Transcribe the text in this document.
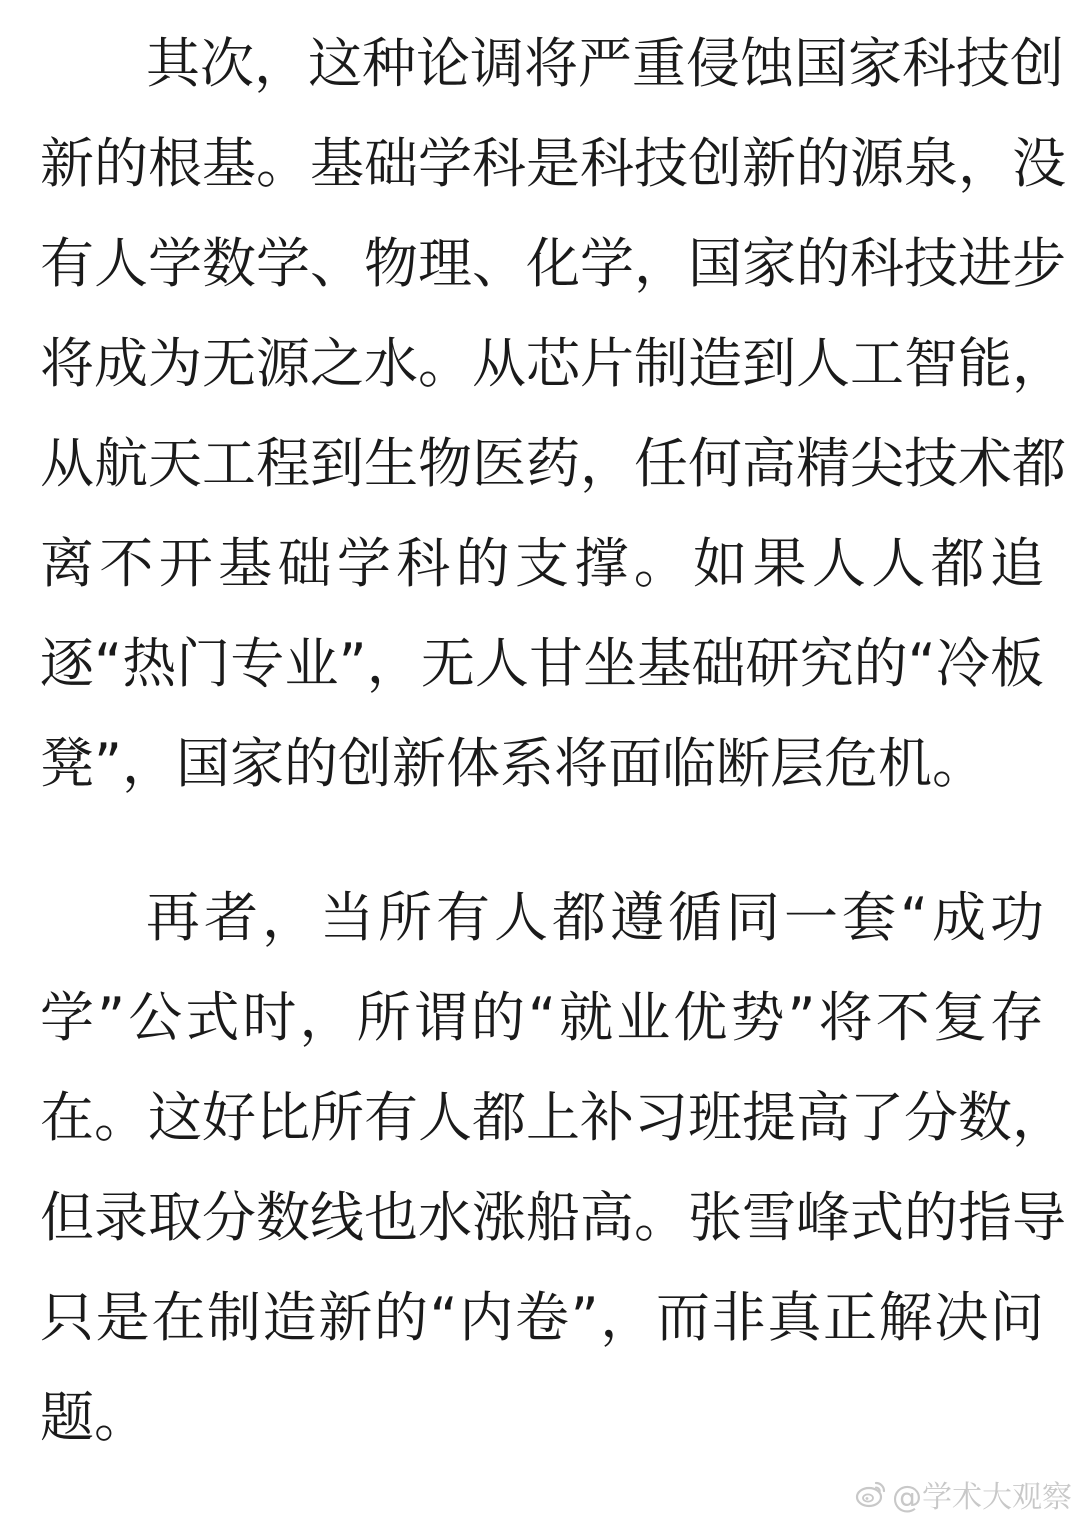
其次，这种论调将严重侵蚀国家科技创
新的根基。基础学科是科技创新的源泉，没
有人学数学、物理、化学，国家的科技进步
将成为无源之水。从芯片制造到人工智能，
从航天工程到生物医药，任何高精尖技术都
离不开基础学科的支撑。如果人人都追
逐“热门专业”，无人甘坐基础研究的“冷板
凳”，国家的创新体系将面临断层危机。
再者，当所有人都遵循同一套“成功
学”公式时，所谓的“就业优势”将不复存
在。这好比所有人都上补习班提高了分数，
但录取分数线也水涨船高。张雪峰式的指导
只是在制造新的“内卷”，而非真正解决问
题。
@学术大观察
